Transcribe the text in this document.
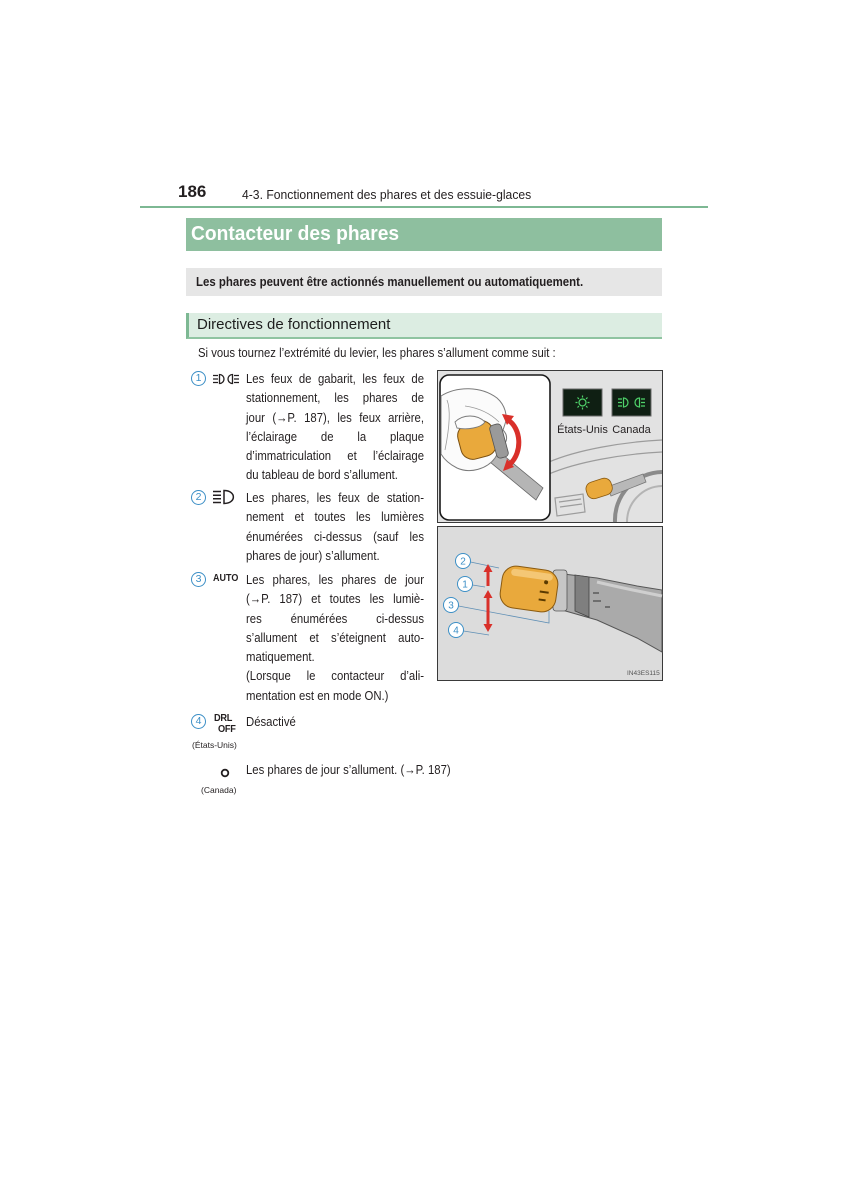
186	4-3. Fonctionnement des phares et des essuie-glaces
Contacteur des phares
Les phares peuvent être actionnés manuellement ou automatiquement.
Directives de fonctionnement
Si vous tournez l’extrémité du levier, les phares s’allument comme suit :
1	Les feux de gabarit, les feux de
stationnement, les phares de
jour (→P. 187), les feux arrière,
l’éclairage de la plaque
d’immatriculation et l’éclairage
du tableau de bord s’allument.
2	Les phares, les feux de station-
nement et toutes les lumières
énumérées ci-dessus (sauf les
phares de jour) s’allument.
3	AUTO Les phares, les phares de jour
(→P. 187) et toutes les lumiè-
res énumérées ci-dessus
s’allument et s’éteignent auto-
matiquement.
(Lorsque le contacteur d’ali-
mentation est en mode ON.)
4	DRL
OFF
(États-Unis)
Désactivé
(Canada)
Les phares de jour s’allument. (→P. 187)
États-Unis Canada
2
1
3
4
IN43ES115
